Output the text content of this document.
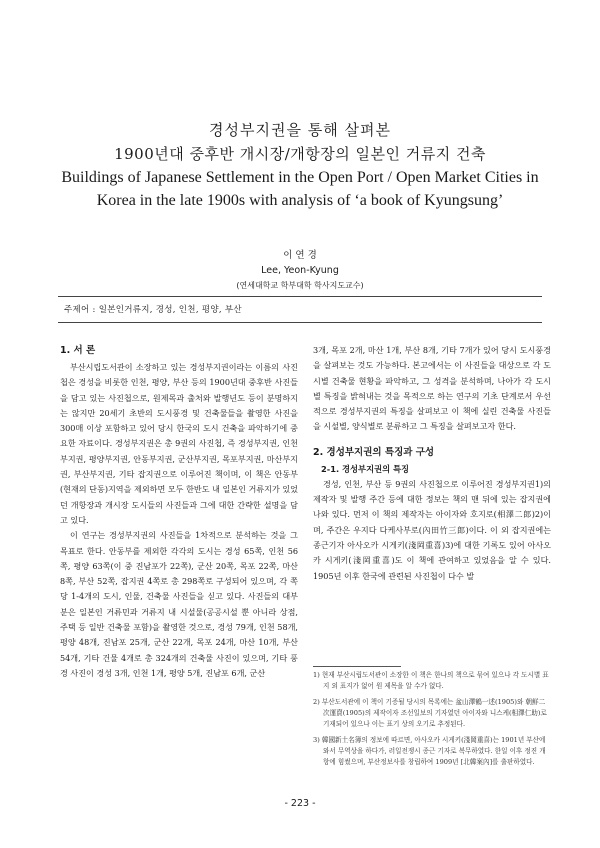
경성부지권을 통해 살펴본
1900년대 중후반 개시장/개항장의 일본인 거류지 건축
Buildings of Japanese Settlement in the Open Port / Open Market Cities in
Korea in the late 1900s with analysis of ‘a book of Kyungsung’
이 연 경
Lee, Yeon-Kyung
(연세대학교 학부대학 학사지도교수)
주제어 : 일본인거류지, 경성, 인천, 평양, 부산
1. 서 론

부산시립도서관이 소장하고 있는 경성부지권이라는 이름의 사진첩은 경성을 비롯한 인천, 평양, 부산 등의 1900년대 중후반 사진들을 담고 있는 사진첩으로, 원제목과 출처와 발행년도 등이 분명하지는 않지만 20세기 초반의 도시풍경 및 건축물들을 촬영한 사진을 300매 이상 포함하고 있어 당시 한국의 도시 건축을 파악하기에 중요한 자료이다. 경성부지권은 총 9권의 사진첩, 즉 경성부지권, 인천부지권, 평양부지권, 안동부지권, 군산부지권, 목포부지권, 마산부지권, 부산부지권, 기타 잡지권으로 이루어진 책이며, 이 책은 안동부(현재의 단동)지역을 제외하면 모두 한반도 내 일본인 거류지가 있었던 개항장과 개시장 도시들의 사진들과 그에 대한 간략한 설명을 담고 있다.

이 연구는 경성부지권의 사진들을 1차적으로 분석하는 것을 그 목표로 한다. 안동부를 제외한 각각의 도시는 경성 65쪽, 인천 56쪽, 평양 63쪽(이 중 진남포가 22쪽), 군산 20쪽, 목포 22쪽, 마산 8쪽, 부산 52쪽, 잡지권 4쪽로 총 298쪽로 구성되어 있으며, 각 쪽당 1-4개의 도시, 인물, 건축물 사진들을 싣고 있다. 사진들의 대부분은 일본인 거류민과 거류지 내 시설물(공공시설 뿐 아니라 상점, 주택 등 일반 건축물 포함)을 촬영한 것으로, 경성 79개, 인천 58개, 평양 48개, 진남포 25개, 군산 22개, 목포 24개, 마산 10개, 부산 54개, 기타 건물 4개로 총 324개의 건축물 사진이 있으며, 기타 풍경 사진이 경성 3개, 인천 1개, 평양 5개, 진남포 6개, 군산

3개, 목포 2개, 마산 1개, 부산 8개, 기타 7개가 있어 당시 도시풍경을 살펴보는 것도 가능하다. 본고에서는 이 사진들을 대상으로 각 도시별 건축물 현황을 파악하고, 그 성격을 분석하며, 나아가 각 도시별 특징을 밝혀내는 것을 목적으로 하는 연구의 기초 단계로서 우선적으로 경성부지권의 특징을 살펴보고 이 책에 실린 건축물 사진들을 시설별, 양식별로 분류하고 그 특징을 살펴보고자 한다.

2. 경성부지권의 특징과 구성
2-1. 경성부지권의 특징

경성, 인천, 부산 등 9권의 사진첩으로 이루어진 경성부지권1)의 제작자 및 발행 주간 등에 대한 정보는 책의 맨 뒤에 있는 잡지권에 나와 있다. 먼저 이 책의 제작자는 아이자와 호지로(相澤二郎)2)이며, 주간은 우지다 다케사부로(內田竹三郎)이다. 이 외 잡지권에는 종근기자 아사오카 시게키(淺岡重喜)3)에 대한 기록도 있어 아사오카 시게키(淺岡重喜)도 이 책에 관여하고 있었음을 알 수 있다. 1905년 이후 한국에 관련된 사진첩이 다수 발

1) 현재 부산시립도서관이 소장한 이 책은 한나의 책으로 묶여 있으나 각 도시별 표지 외 표지가 없어 원 제목을 알 수가 없다.
2) 부산도서관에 이 책이 기증될 당시의 목록에는 盆山澤鶴一述(1905)와 朝鮮二次運賣(1905)의 제작이자 조선일보의 기자였던 아이자와 니스케(相澤仁助)로 기재되어 있으나 이는 표기 상의 오기로 추정된다.
3) 韓國新土名簿의 정보에 따르면, 아사오카 시게키(淺岡重喜)는 1901년 부산에 와서 무역상을 하다가, 러일전쟁시 종근 기자로 복무하였다. 한일 이후 정진 개항에 힘썼으며, 부산정보사를 창립하여 1909년 [北韓案內]를 출판하였다.
- 223 -
